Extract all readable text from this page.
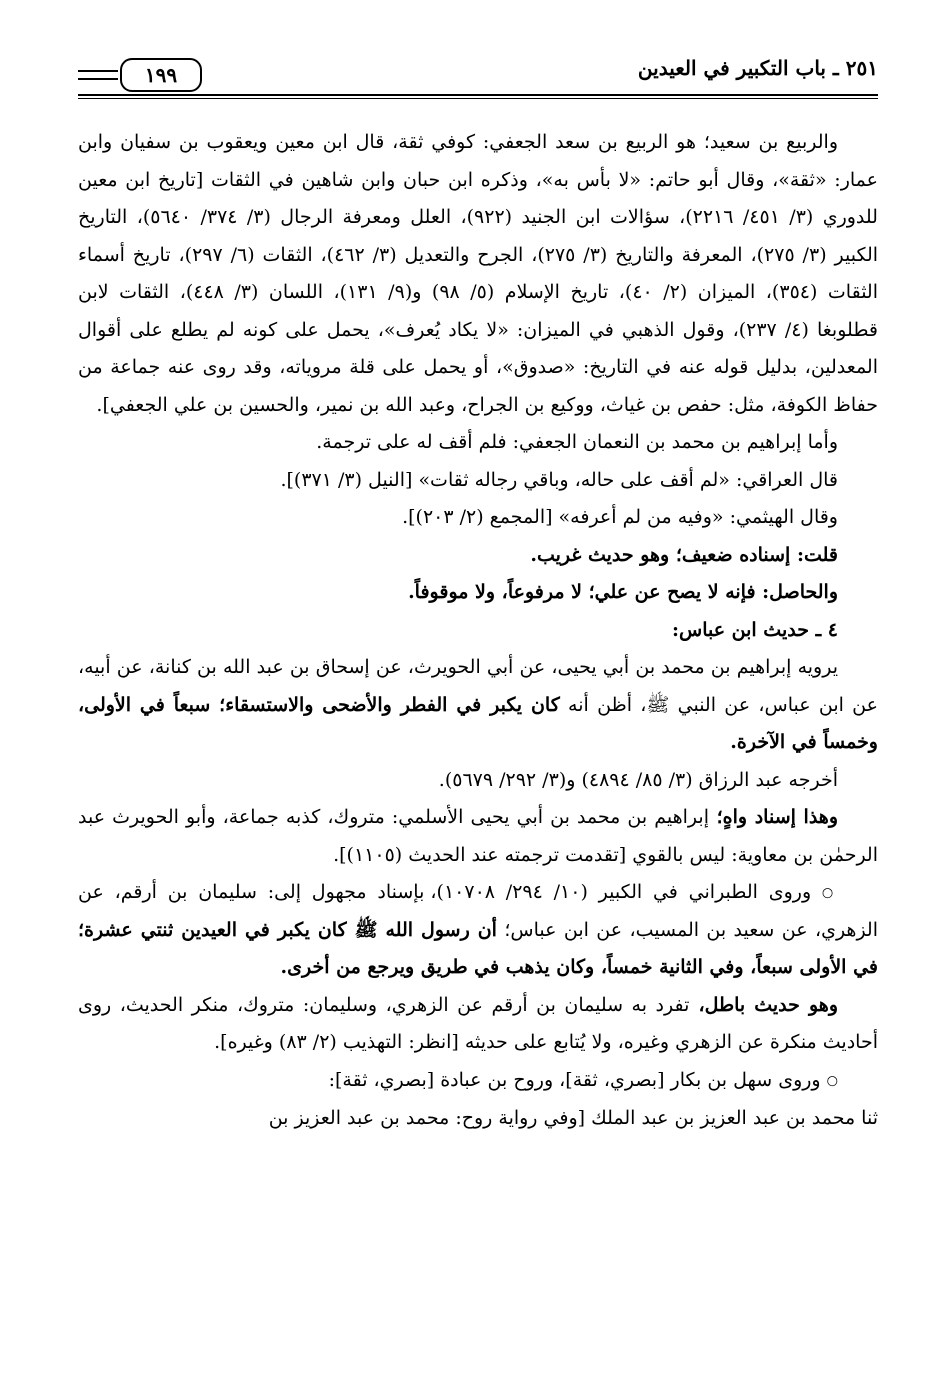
١٩٩	٢٥١ ـ باب التكبير في العيدين

والربيع بن سعيد؛ هو الربيع بن سعد الجعفي: كوفي ثقة، قال ابن معين ويعقوب بن سفيان وابن عمار: «ثقة»، وقال أبو حاتم: «لا بأس به»، وذكره ابن حبان وابن شاهين في الثقات [تاريخ ابن معين للدوري (٣/ ٤٥١/ ٢٢١٦)، سؤالات ابن الجنيد (٩٢٢)، العلل ومعرفة الرجال (٣/ ٣٧٤/ ٥٦٤٠)، التاريخ الكبير (٣/ ٢٧٥)، المعرفة والتاريخ (٣/ ٢٧٥)، الجرح والتعديل (٣/ ٤٦٢)، الثقات (٦/ ٢٩٧)، تاريخ أسماء الثقات (٣٥٤)، الميزان (٢/ ٤٠)، تاريخ الإسلام (٥/ ٩٨) و(٩/ ١٣١)، اللسان (٣/ ٤٤٨)، الثقات لابن قطلوبغا (٤/ ٢٣٧)، وقول الذهبي في الميزان: «لا يكاد يُعرف»، يحمل على كونه لم يطلع على أقوال المعدلين، بدليل قوله عنه في التاريخ: «صدوق»، أو يحمل على قلة مروياته، وقد روى عنه جماعة من حفاظ الكوفة، مثل: حفص بن غياث، ووكيع بن الجراح، وعبد الله بن نمير، والحسين بن علي الجعفي].

وأما إبراهيم بن محمد بن النعمان الجعفي: فلم أقف له على ترجمة.

قال العراقي: «لم أقف على حاله، وباقي رجاله ثقات» [النيل (٣/ ٣٧١)].

وقال الهيثمي: «وفيه من لم أعرفه» [المجمع (٢/ ٢٠٣)].

قلت: إسناده ضعيف؛ وهو حديث غريب.

والحاصل: فإنه لا يصح عن علي؛ لا مرفوعاً، ولا موقوفاً.

٤ ـ حديث ابن عباس:

يرويه إبراهيم بن محمد بن أبي يحيى، عن أبي الحويرث، عن إسحاق بن عبد الله بن كنانة، عن أبيه، عن ابن عباس، عن النبي ﷺ، أظن أنه كان يكبر في الفطر والأضحى والاستسقاء؛ سبعاً في الأولى، وخمساً في الآخرة.

أخرجه عبد الرزاق (٣/ ٨٥/ ٤٨٩٤) و(٣/ ٢٩٢/ ٥٦٧٩).

وهذا إسناد واهٍ؛ إبراهيم بن محمد بن أبي يحيى الأسلمي: متروك، كذبه جماعة، وأبو الحويرث عبد الرحمٰن بن معاوية: ليس بالقوي [تقدمت ترجمته عند الحديث (١١٠٥)].

○ وروى الطبراني في الكبير (١٠/ ٢٩٤/ ١٠٧٠٨)، بإسناد مجهول إلى: سليمان بن أرقم، عن الزهري، عن سعيد بن المسيب، عن ابن عباس؛ أن رسول الله ﷺ كان يكبر في العيدين ثنتي عشرة؛ في الأولى سبعاً، وفي الثانية خمساً، وكان يذهب في طريق ويرجع من أخرى.

وهو حديث باطل، تفرد به سليمان بن أرقم عن الزهري، وسليمان: متروك، منكر الحديث، روى أحاديث منكرة عن الزهري وغيره، ولا يُتابع على حديثه [انظر: التهذيب (٢/ ٨٣) وغيره].

○ وروى سهل بن بكار [بصري، ثقة]، وروح بن عبادة [بصري، ثقة]:

ثنا محمد بن عبد العزيز بن عبد الملك [وفي رواية روح: محمد بن عبد العزيز بن
